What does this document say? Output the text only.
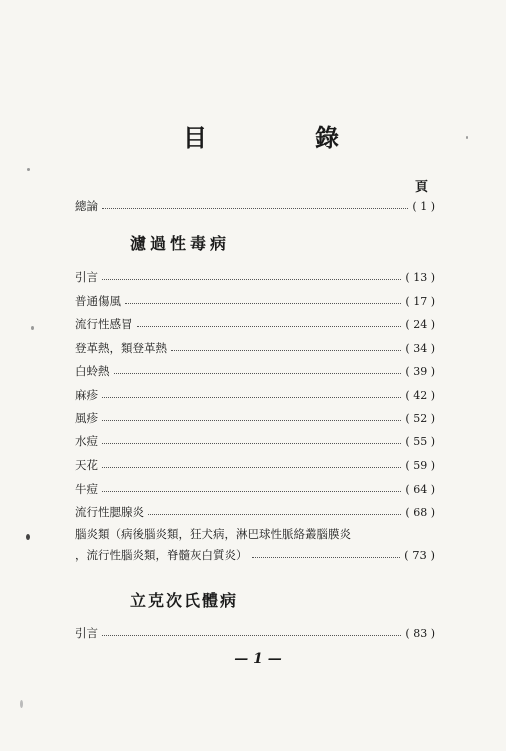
目	錄
頁
總論	( 1 )
濾過性毒病
引言	( 13 )
普通傷風	( 17 )
流行性感冒	( 24 )
登革熱，類登革熱	( 34 )
白蛉熱	( 39 )
麻疹	( 42 )
風疹	( 52 )
水痘	( 55 )
天花	( 59 )
牛痘	( 64 )
流行性腮腺炎	( 68 )
腦炎類（病後腦炎類，狂犬病，淋巴球性脈絡叢腦膜炎
，流行性腦炎類，脊髓灰白質炎）	( 73 )
立克次氏體病
引言	( 83 )
— 1 —
